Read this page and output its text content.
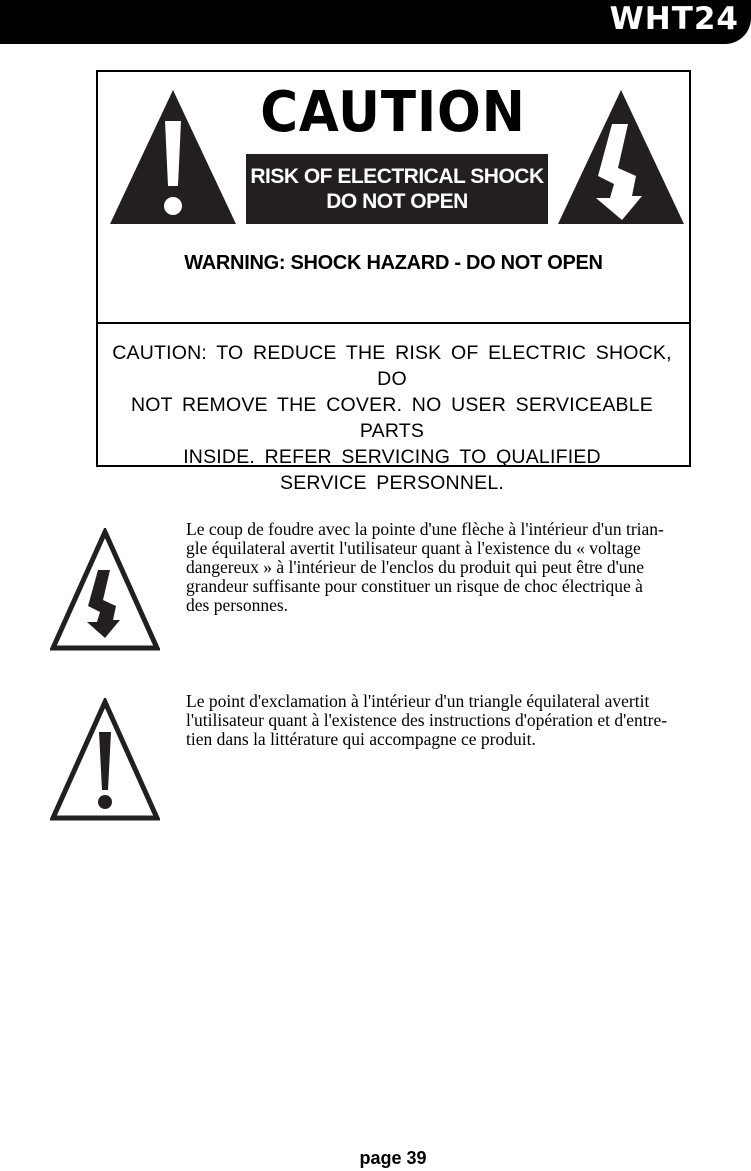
WHT24
CAUTION
RISK OF ELECTRICAL SHOCK
DO NOT OPEN
WARNING: SHOCK HAZARD - DO NOT OPEN
CAUTION: TO REDUCE THE RISK OF ELECTRIC SHOCK, DO
NOT REMOVE THE COVER. NO USER SERVICEABLE PARTS
INSIDE. REFER SERVICING TO QUALIFIED
SERVICE PERSONNEL.
Le coup de foudre avec la pointe d'une flèche à l'intérieur d'un trian-
gle équilateral avertit l'utilisateur quant à l'existence du « voltage
dangereux » à l'intérieur de l'enclos du produit qui peut être d'une
grandeur suffisante pour constituer un risque de choc électrique à
des personnes.
Le point d'exclamation à l'intérieur d'un triangle équilateral avertit
l'utilisateur quant à l'existence des instructions d'opération et d'entre-
tien dans la littérature qui accompagne ce produit.
page 39
